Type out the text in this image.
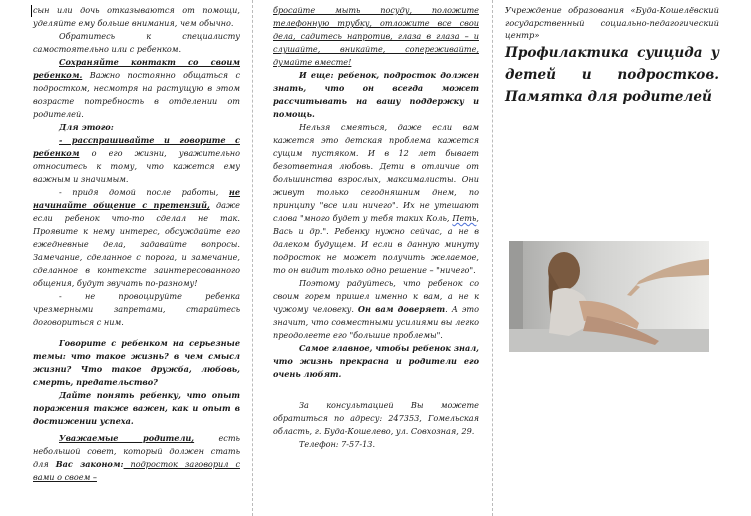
сын или дочь отказываются от помощи, уделяйте ему больше внимания, чем обычно.

Обратитесь к специалисту самостоятельно или с ребенком.

Сохраняйте контакт со своим ребенком. Важно постоянно общаться с подростком, несмотря на растущую в этом возрасте потребность в отделении от родителей.

Для этого:

- расспрашивайте и говорите с ребенком о его жизни, уважительно относитесь к тому, что кажется ему важным и значимым.

- придя домой после работы, не начинайте общение с претензий, даже если ребенок что-то сделал не так. Проявите к нему интерес, обсуждайте его ежедневные дела, задавайте вопросы. Замечание, сделанное с порога, и замечание, сделанное в контексте заинтересованного общения, будут звучать по-разному!

- не провоцируйте ребенка чрезмерными запретами, старайтесь договориться с ним.

Говорите с ребенком на серьезные темы: что такое жизнь? в чем смысл жизни? Что такое дружба, любовь, смерть, предательство?

Дайте понять ребенку, что опыт поражения также важен, как и опыт в достижении успеха.

Уважаемые родители, есть небольшой совет, который должен стать для Вас законом: подросток заговорил с вами о своем –

бросайте мыть посуду, положите телефонную трубку, отложите все свои дела, садитесь напротив, глаза в глаза – и слушайте, вникайте, сопереживайте, думайте вместе!

И еще: ребенок, подросток должен знать, что он всегда может рассчитывать на вашу поддержку и помощь.

Нельзя смеяться, даже если вам кажется это детская проблема кажется сущим пустяком. И в 12 лет бывает безответная любовь. Дети в отличие от большинства взрослых, максималисты. Они живут только сегодняшним днем, по принципу "все или ничего". Их не утешают слова "много будет у тебя таких Коль, Петь, Вась и др.". Ребенку нужно сейчас, а не в далеком будущем. И если в данную минуту подросток не может получить желаемое, то он видит только одно решение – "ничего".

Поэтому радуйтесь, что ребенок со своим горем пришел именно к вам, а не к чужому человеку. Он вам доверяет. А это значит, что совместными усилиями вы легко преодолеете его "большие проблемы".

Самое главное, чтобы ребенок знал, что жизнь прекрасна и родители его очень любят.

За консультацией Вы можете обратиться по адресу: 247353, Гомельская область, г. Буда-Кошелево, ул. Совхозная, 29.

Телефон: 7-57-13.

Учреждение образования «Буда-Кошелёвский государственный социально-педагогический центр»

Профилактика суицида у детей и подростков. Памятка для родителей
